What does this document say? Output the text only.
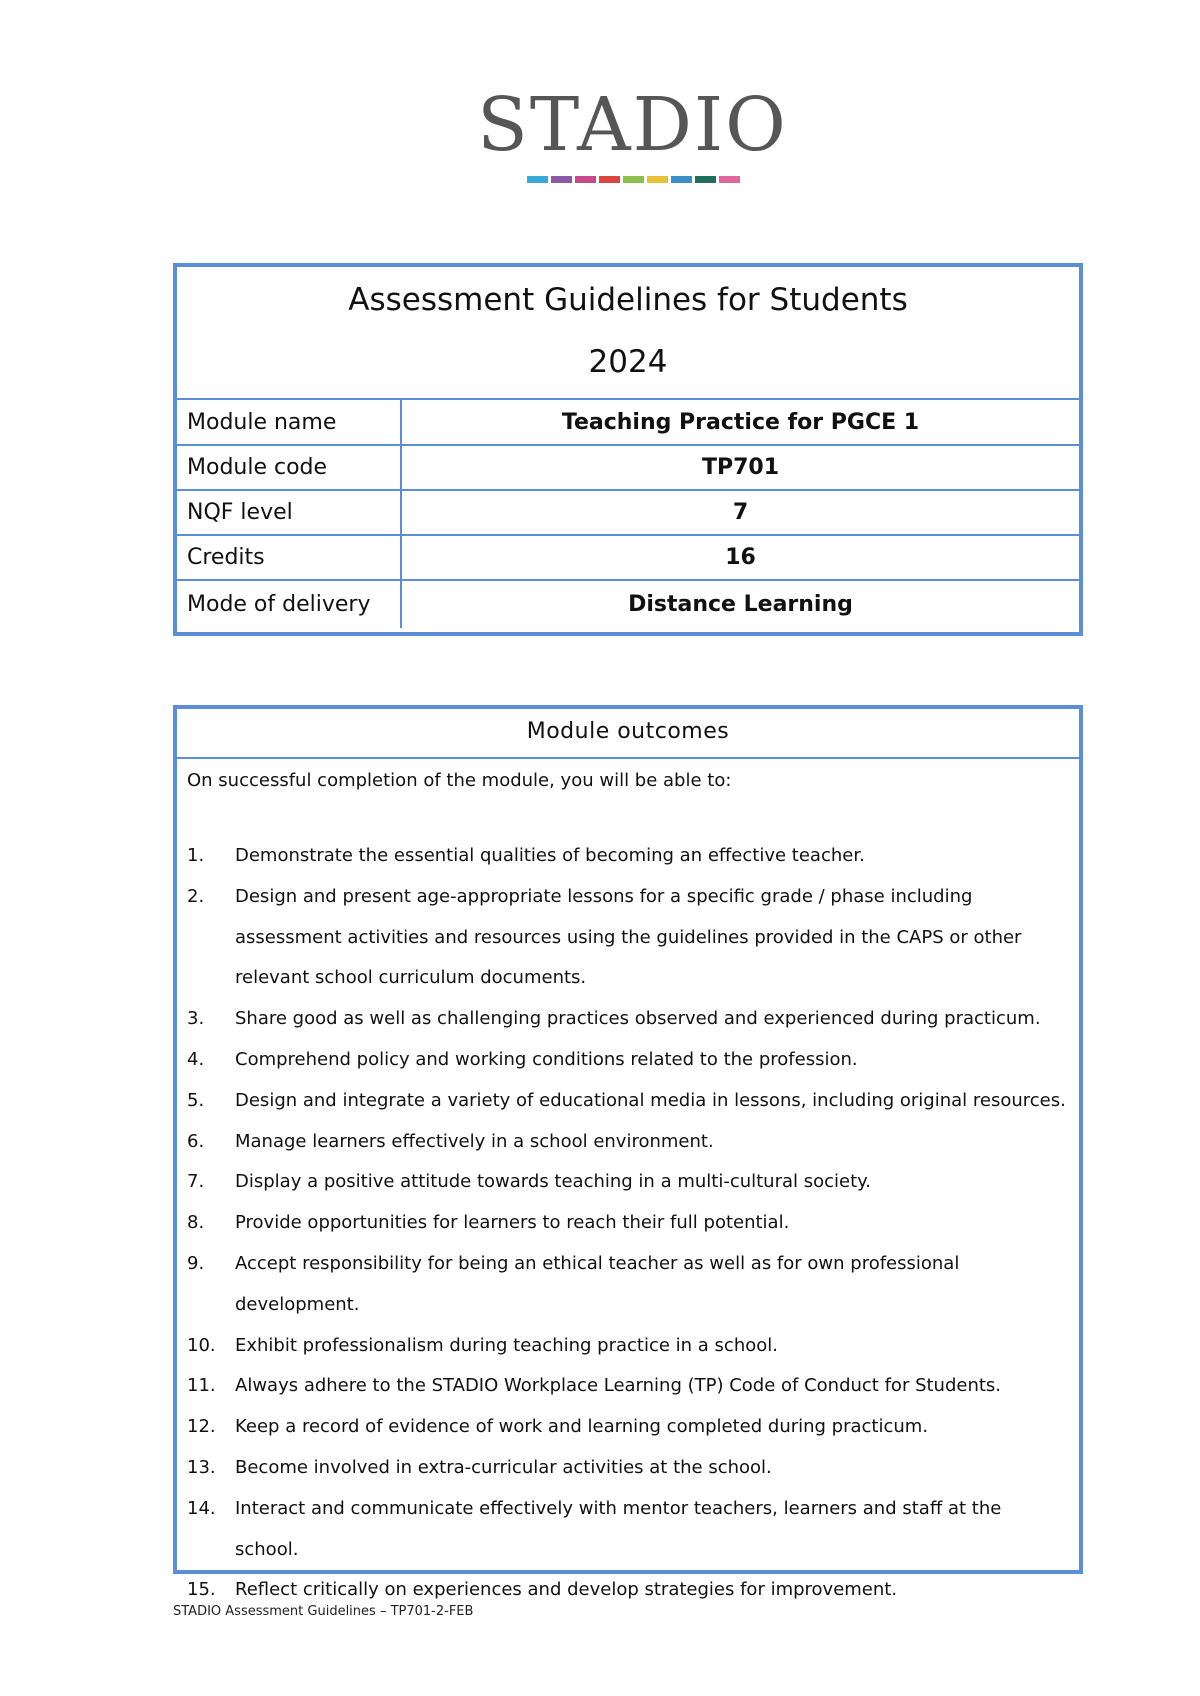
STADIO
Assessment Guidelines for Students
2024
Module name	Teaching Practice for PGCE 1
Module code	TP701
NQF level	7
Credits	16
Mode of delivery	Distance Learning
Module outcomes
On successful completion of the module, you will be able to:
1.	Demonstrate the essential qualities of becoming an effective teacher.
2.	Design and present age-appropriate lessons for a specific grade / phase including assessment activities and resources using the guidelines provided in the CAPS or other relevant school curriculum documents.
3.	Share good as well as challenging practices observed and experienced during practicum.
4.	Comprehend policy and working conditions related to the profession.
5.	Design and integrate a variety of educational media in lessons, including original resources.
6.	Manage learners effectively in a school environment.
7.	Display a positive attitude towards teaching in a multi-cultural society.
8.	Provide opportunities for learners to reach their full potential.
9.	Accept responsibility for being an ethical teacher as well as for own professional development.
10.	Exhibit professionalism during teaching practice in a school.
11.	Always adhere to the STADIO Workplace Learning (TP) Code of Conduct for Students.
12.	Keep a record of evidence of work and learning completed during practicum.
13.	Become involved in extra-curricular activities at the school.
14.	Interact and communicate effectively with mentor teachers, learners and staff at the school.
15.	Reflect critically on experiences and develop strategies for improvement.
STADIO Assessment Guidelines – TP701-2-FEB
